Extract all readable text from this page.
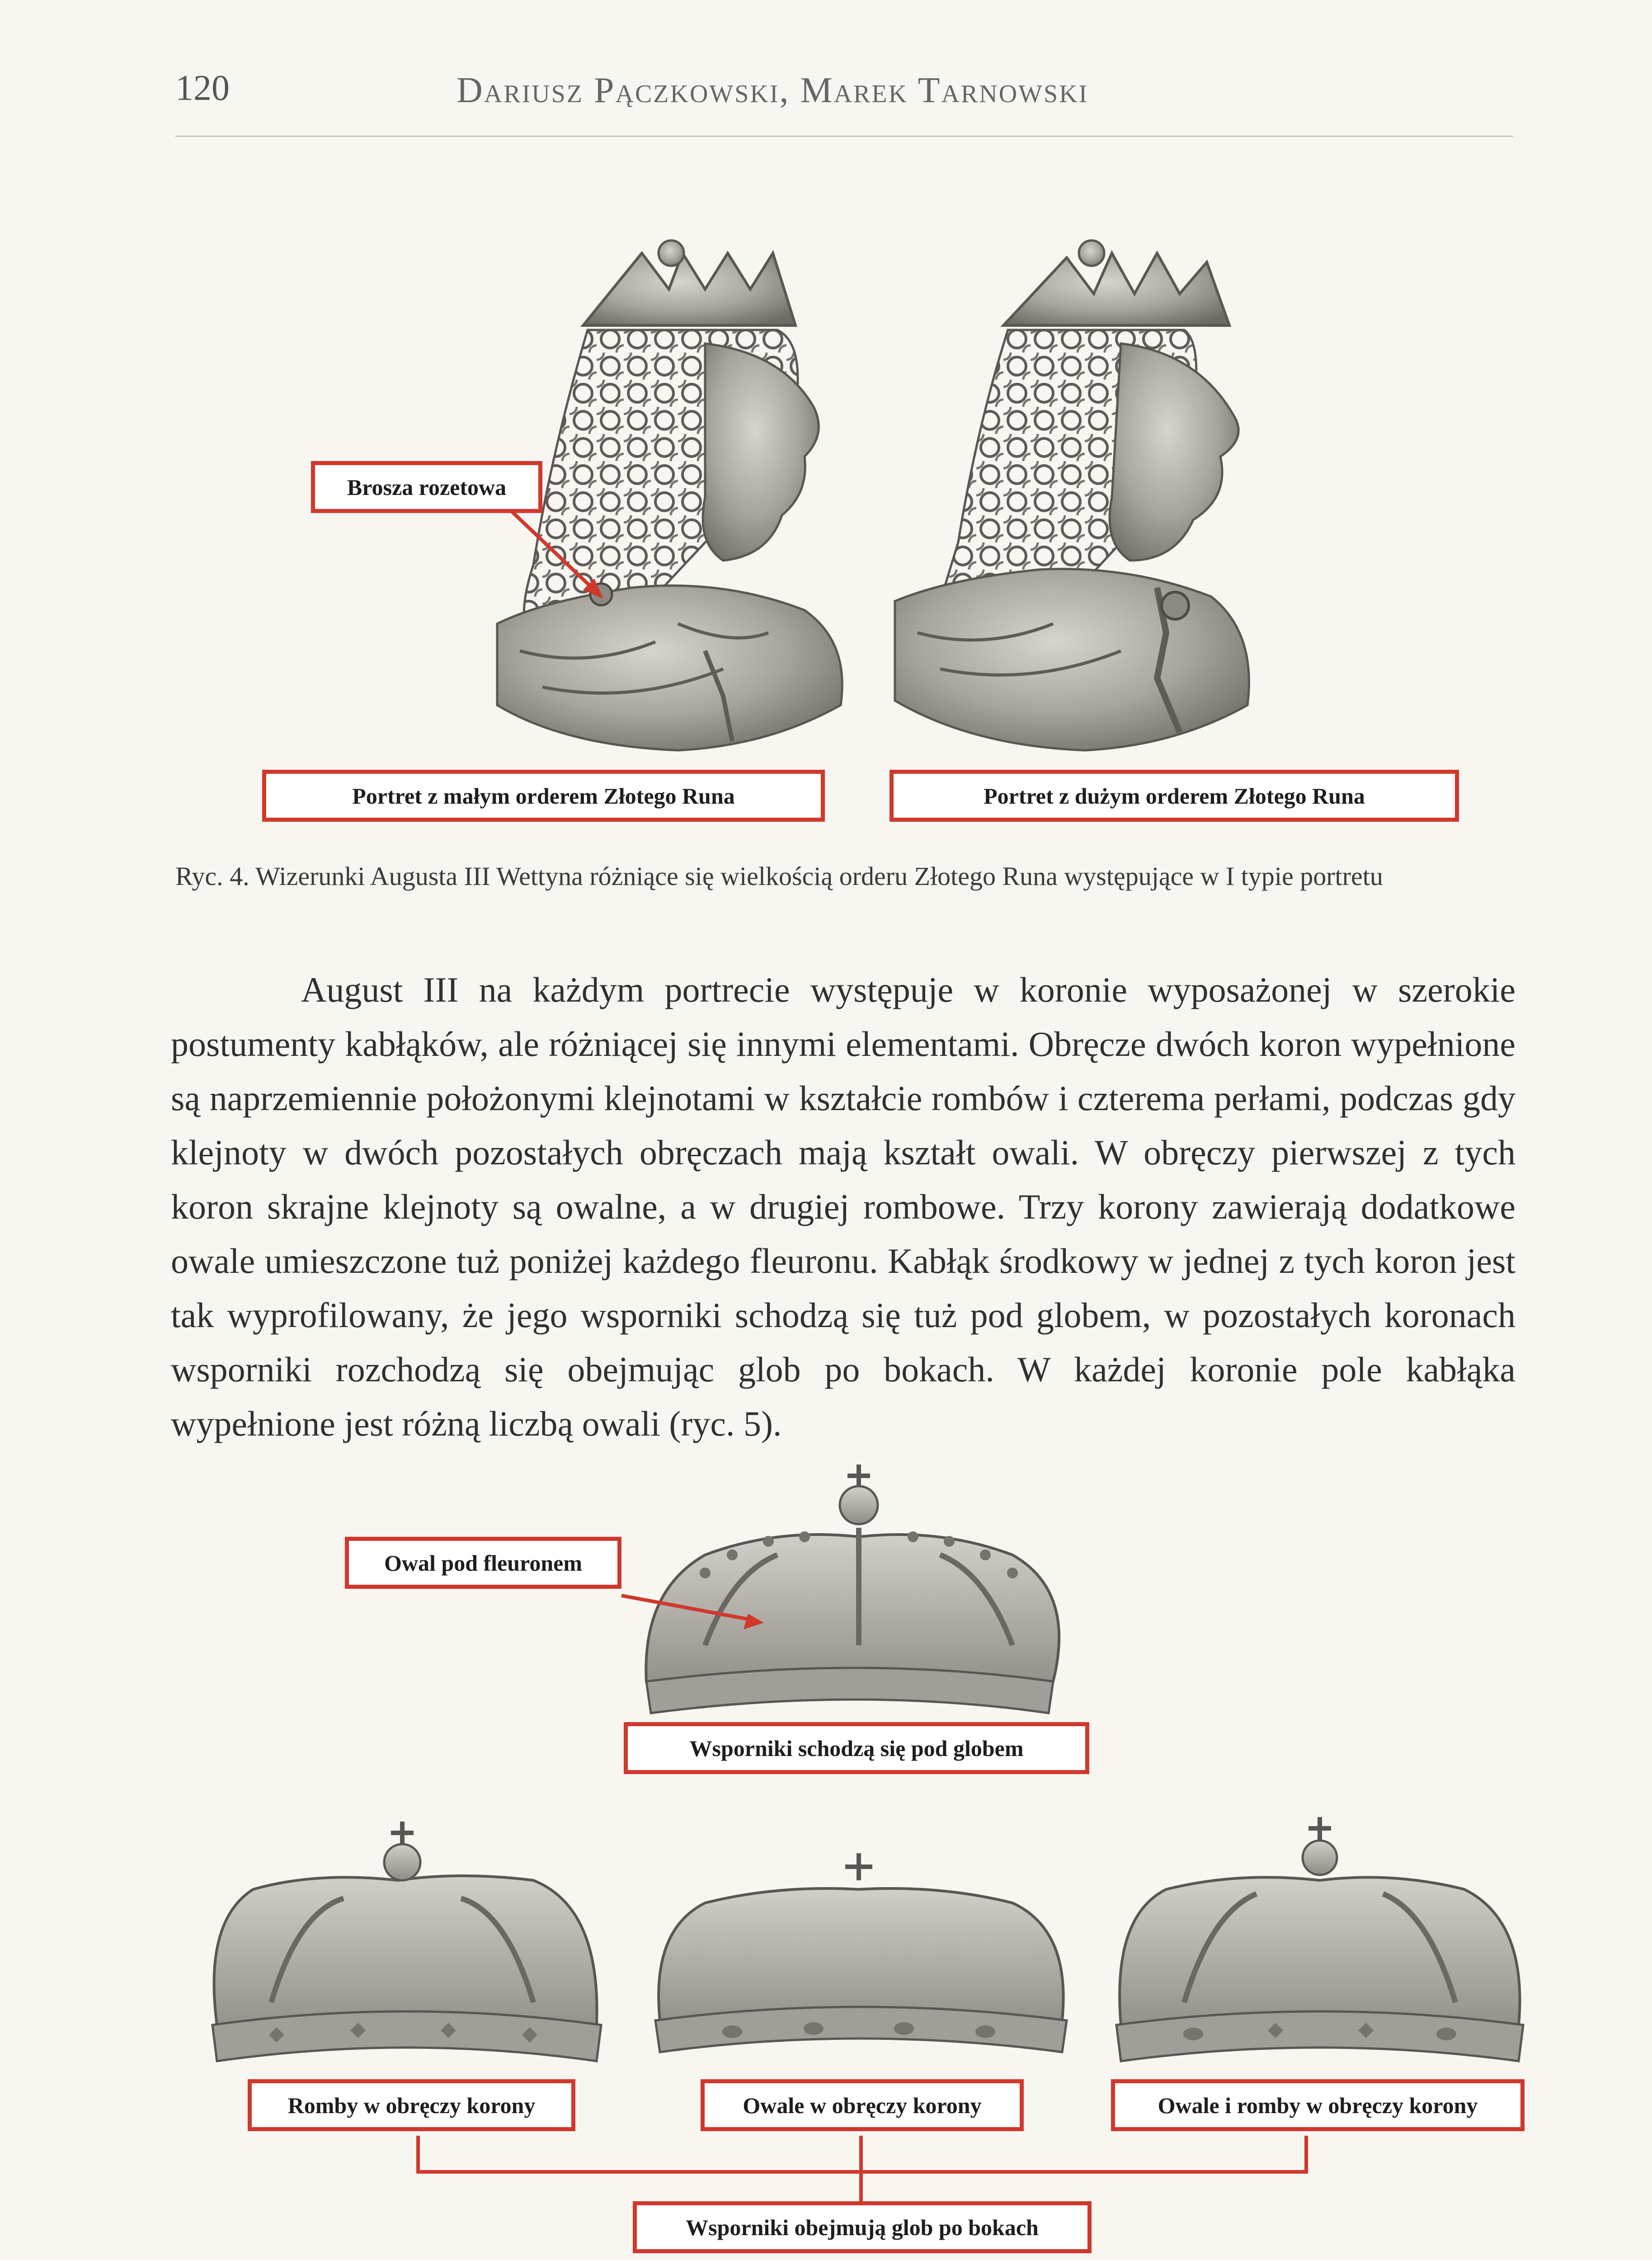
120	Dariusz Pączkowski, Marek Tarnowski
Brosza rozetowa
Portret z małym orderem Złotego Runa	Portret z dużym orderem Złotego Runa
Ryc. 4. Wizerunki Augusta III Wettyna różniące się wielkością orderu Złotego Runa występujące w I typie portretu

August III na każdym portrecie występuje w koronie wyposażonej w szerokie postumenty kabłąków, ale różniącej się innymi elementami. Obręcze dwóch koron wypełnione są naprzemiennie położonymi klejnotami w kształcie rombów i czterema perłami, podczas gdy klejnoty w dwóch pozostałych obręczach mają kształt owali. W obręczy pierwszej z tych koron skrajne klejnoty są owalne, a w drugiej rombowe. Trzy korony zawierają dodatkowe owale umieszczone tuż poniżej każdego fleuronu. Kabłąk środkowy w jednej z tych koron jest tak wyprofilowany, że jego wsporniki schodzą się tuż pod globem, w pozostałych koronach wsporniki rozchodzą się obejmując glob po bokach. W każdej koronie pole kabłąka wypełnione jest różną liczbą owali (ryc. 5).

Owal pod fleuronem
Wsporniki schodzą się pod globem
Romby w obręczy korony	Owale w obręczy korony	Owale i romby w obręczy korony
Wsporniki obejmują glob po bokach
